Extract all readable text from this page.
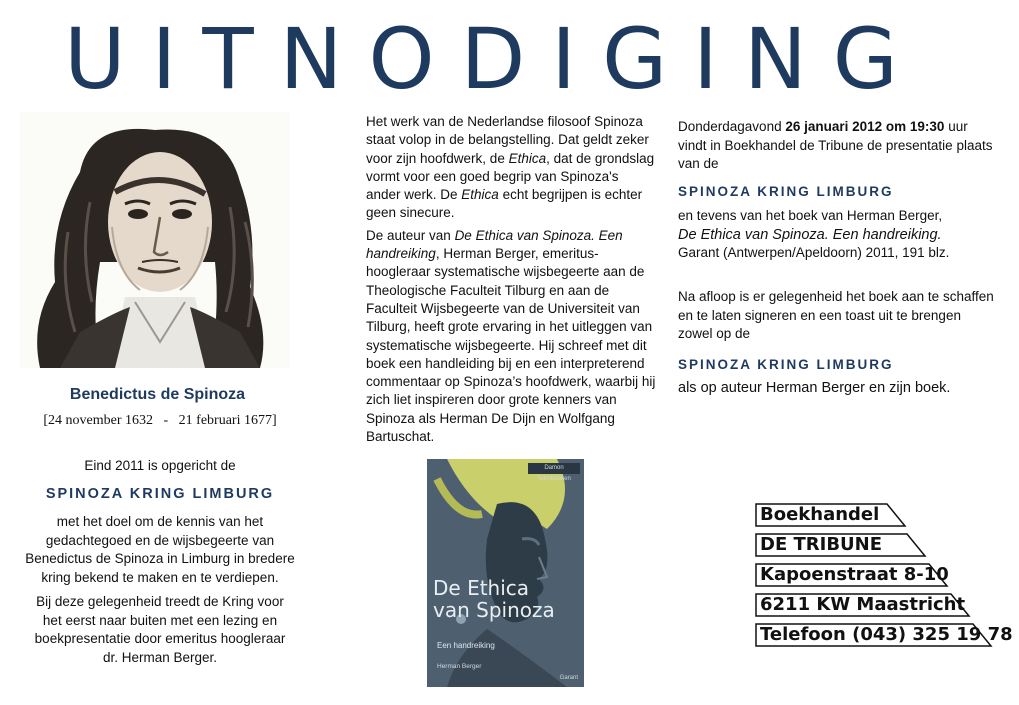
UITNODIGING
Benedictus de Spinoza
[24 november 1632   -   21 februari 1677]
Eind 2011 is opgericht de
SPINOZA KRING LIMBURG
met het doel om de kennis van het
gedachtegoed en de wijsbegeerte van
Benedictus de Spinoza in Limburg in bredere
kring bekend te maken en te verdiepen.
Bij deze gelegenheid treedt de Kring voor
het eerst naar buiten met een lezing en
boekpresentatie door emeritus hoogleraar
dr. Herman Berger.

Het werk van de Nederlandse filosoof Spinoza staat volop in de belangstelling. Dat geldt zeker voor zijn hoofdwerk, de Ethica, dat de grondslag vormt voor een goed begrip van Spinoza's ander werk. De Ethica echt begrijpen is echter geen sinecure.

De auteur van De Ethica van Spinoza. Een handreiking, Herman Berger, emeritus-hoogleraar systematische wijsbegeerte aan de Theologische Faculteit Tilburg en aan de Faculteit Wijsbegeerte van de Universiteit van Tilburg, heeft grote ervaring in het uitleggen van systematische wijsbegeerte. Hij schreef met dit boek een handleiding bij en een interpreterend commentaar op Spinoza’s hoofdwerk, waarbij hij zich liet inspireren door grote kenners van Spinoza als Herman De Dijn en Wolfgang Bartuschat.

Damon Tekstboeken
De Ethica
van Spinoza
Een handreiking
Herman Berger
Garant
Donderdagavond 26 januari 2012 om 19:30 uur vindt in Boekhandel de Tribune de presentatie plaats van de
SPINOZA KRING LIMBURG
en tevens van het boek van Herman Berger,
De Ethica van Spinoza. Een handreiking.
Garant (Antwerpen/Apeldoorn) 2011, 191 blz.
Na afloop is er gelegenheid het boek aan te schaffen en te laten signeren en een toast uit te brengen zowel op de
SPINOZA KRING LIMBURG
als op auteur Herman Berger en zijn boek.
Boekhandel
DE TRIBUNE
Kapoenstraat 8-10
6211 KW Maastricht
Telefoon (043) 325 19 78
